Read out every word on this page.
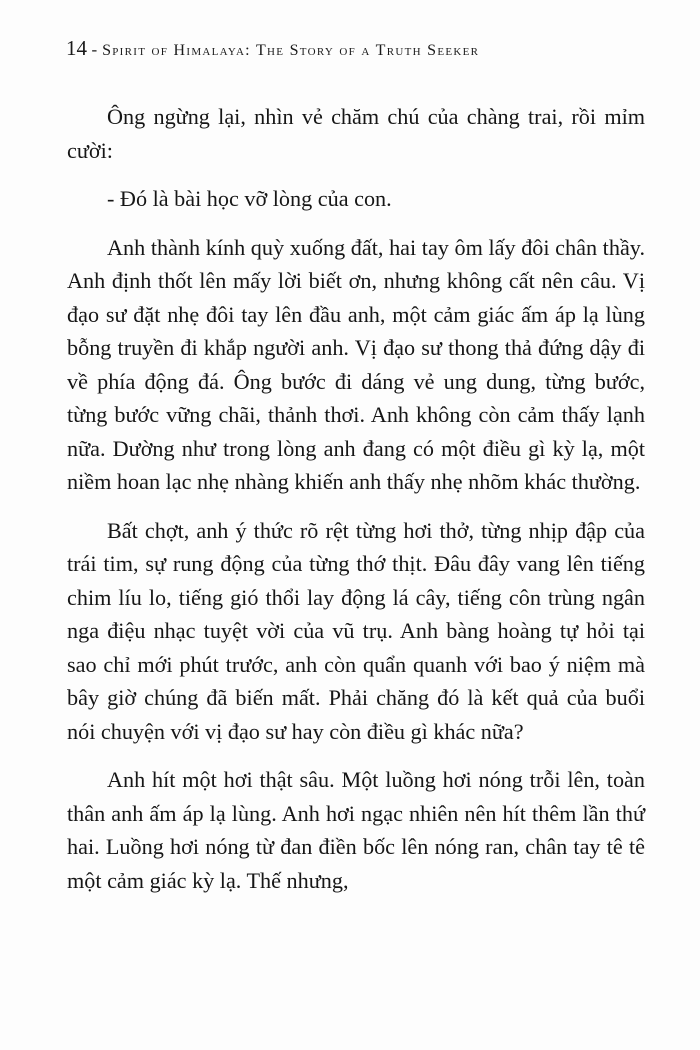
14 - Spirit of Himalaya: The Story of a Truth Seeker

Ông ngừng lại, nhìn vẻ chăm chú của chàng trai, rồi mỉm cười:

- Đó là bài học vỡ lòng của con.

Anh thành kính quỳ xuống đất, hai tay ôm lấy đôi chân thầy. Anh định thốt lên mấy lời biết ơn, nhưng không cất nên câu. Vị đạo sư đặt nhẹ đôi tay lên đầu anh, một cảm giác ấm áp lạ lùng bỗng truyền đi khắp người anh. Vị đạo sư thong thả đứng dậy đi về phía động đá. Ông bước đi dáng vẻ ung dung, từng bước, từng bước vững chãi, thảnh thơi. Anh không còn cảm thấy lạnh nữa. Dường như trong lòng anh đang có một điều gì kỳ lạ, một niềm hoan lạc nhẹ nhàng khiến anh thấy nhẹ nhõm khác thường.

Bất chợt, anh ý thức rõ rệt từng hơi thở, từng nhịp đập của trái tim, sự rung động của từng thớ thịt. Đâu đây vang lên tiếng chim líu lo, tiếng gió thổi lay động lá cây, tiếng côn trùng ngân nga điệu nhạc tuyệt vời của vũ trụ. Anh bàng hoàng tự hỏi tại sao chỉ mới phút trước, anh còn quẩn quanh với bao ý niệm mà bây giờ chúng đã biến mất. Phải chăng đó là kết quả của buổi nói chuyện với vị đạo sư hay còn điều gì khác nữa?

Anh hít một hơi thật sâu. Một luồng hơi nóng trỗi lên, toàn thân anh ấm áp lạ lùng. Anh hơi ngạc nhiên nên hít thêm lần thứ hai. Luồng hơi nóng từ đan điền bốc lên nóng ran, chân tay tê tê một cảm giác kỳ lạ. Thế nhưng,
